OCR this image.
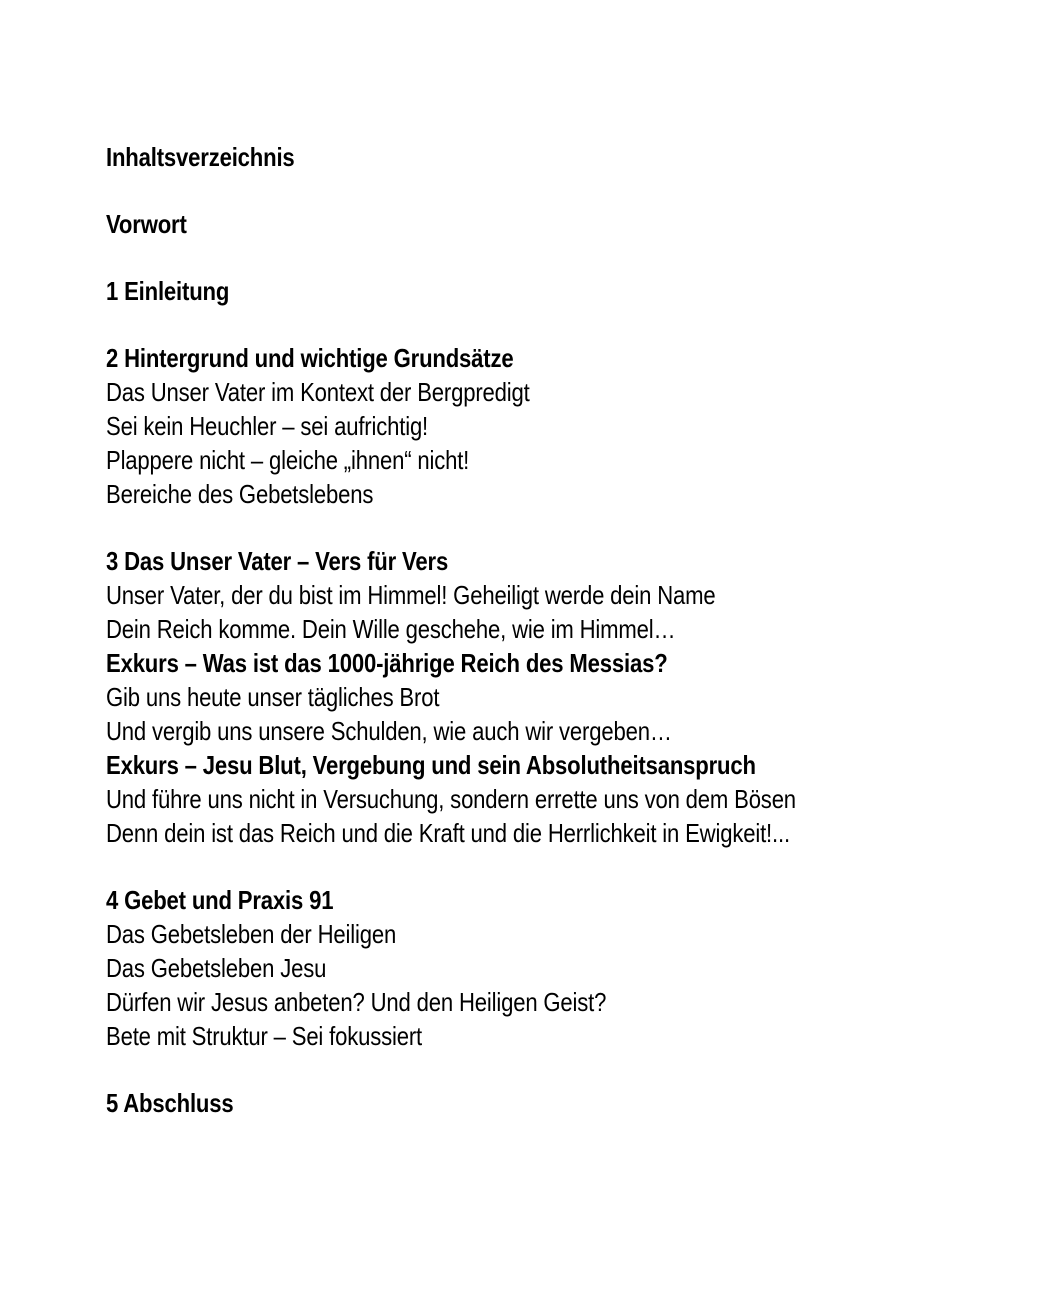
Inhaltsverzeichnis
Vorwort
1 Einleitung
2 Hintergrund und wichtige Grundsätze
Das Unser Vater im Kontext der Bergpredigt
Sei kein Heuchler – sei aufrichtig!
Plappere nicht – gleiche „ihnen“ nicht!
Bereiche des Gebetslebens
3 Das Unser Vater – Vers für Vers
Unser Vater, der du bist im Himmel! Geheiligt werde dein Name
Dein Reich komme. Dein Wille geschehe, wie im Himmel…
Exkurs – Was ist das 1000-jährige Reich des Messias?
Gib uns heute unser tägliches Brot
Und vergib uns unsere Schulden, wie auch wir vergeben…
Exkurs – Jesu Blut, Vergebung und sein Absolutheitsanspruch
Und führe uns nicht in Versuchung, sondern errette uns von dem Bösen
Denn dein ist das Reich und die Kraft und die Herrlichkeit in Ewigkeit!...
4 Gebet und Praxis 91
Das Gebetsleben der Heiligen
Das Gebetsleben Jesu
Dürfen wir Jesus anbeten? Und den Heiligen Geist?
Bete mit Struktur – Sei fokussiert
5 Abschluss
